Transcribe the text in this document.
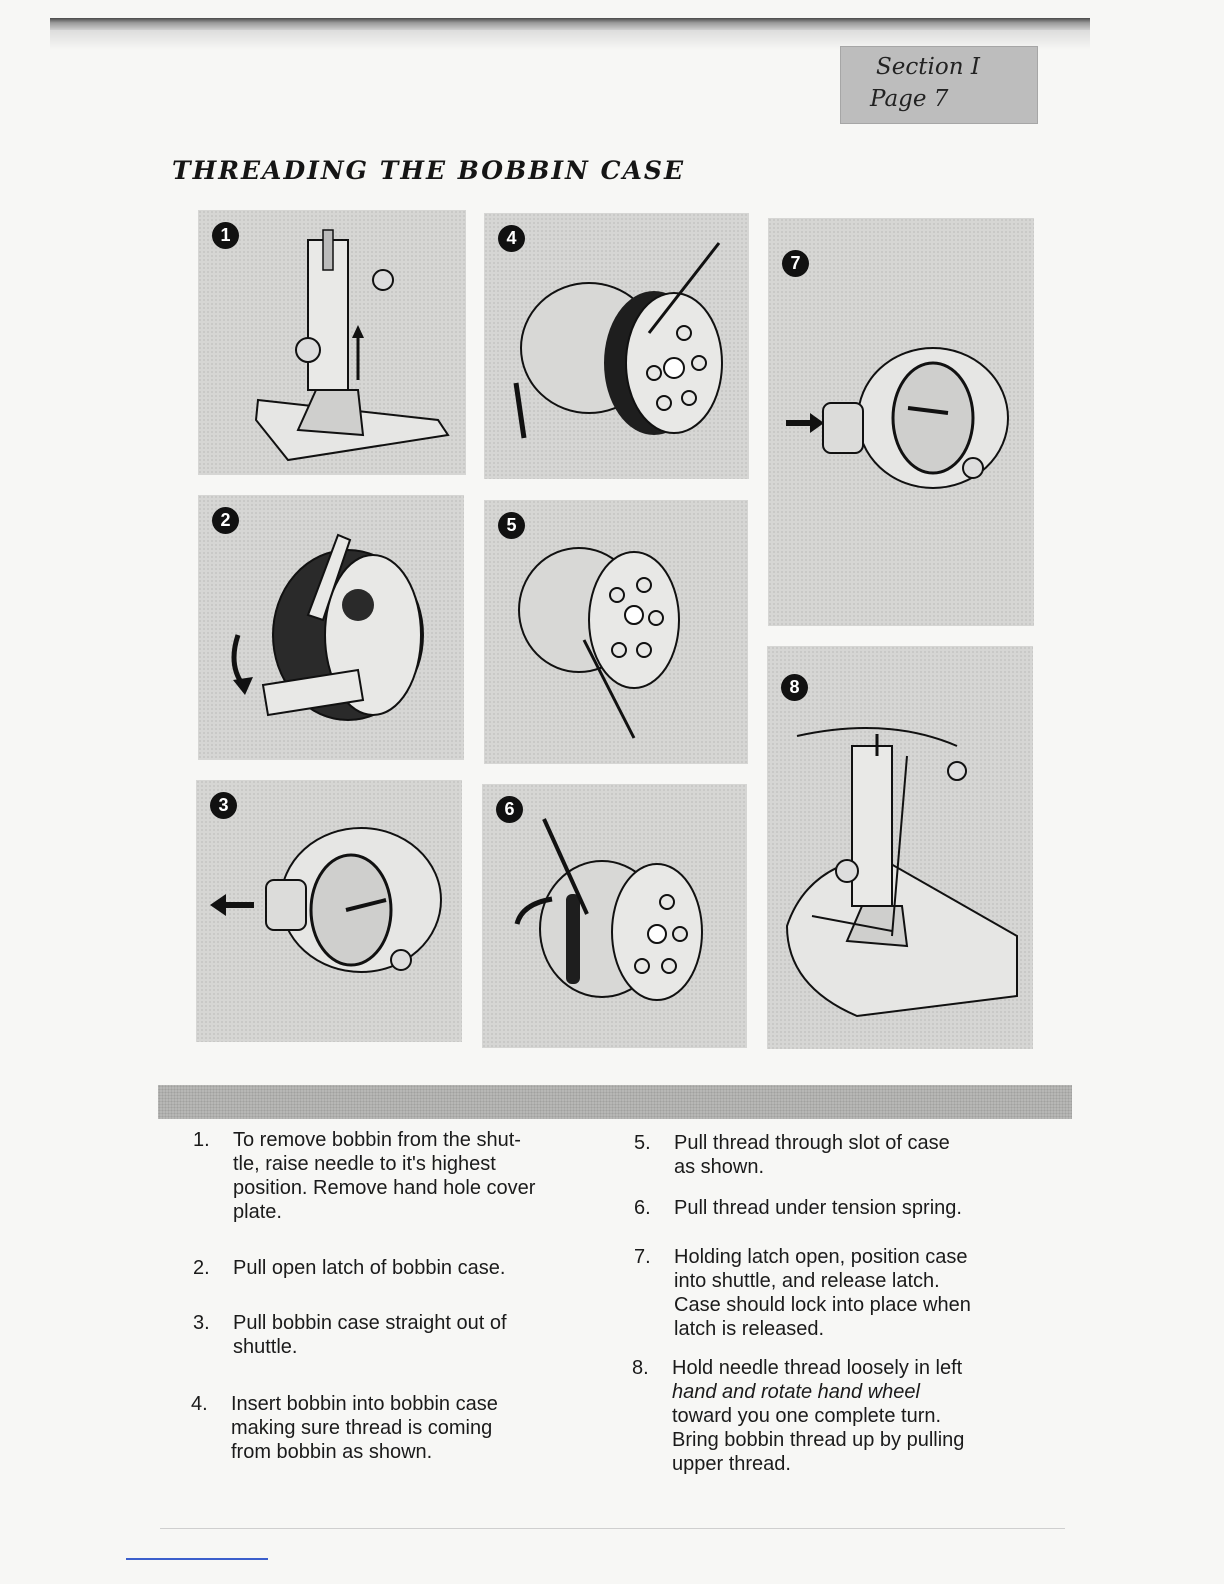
Section I
Page 7
THREADING THE BOBBIN CASE
1
2
3
4
5
6
7
8
1.	To remove bobbin from the shut-
tle, raise needle to it's highest
position. Remove hand hole cover
plate.
2.	Pull open latch of bobbin case.
3.	Pull bobbin case straight out of
shuttle.
4.	Insert bobbin into bobbin case
making sure thread is coming
from bobbin as shown.
5.	Pull thread through slot of case
as shown.
6.	Pull thread under tension spring.
7.	Holding latch open, position case
into shuttle, and release latch.
Case should lock into place when
latch is released.
8.	Hold needle thread loosely in left
hand and rotate hand wheel
toward you one complete turn.
Bring bobbin thread up by pulling
upper thread.
